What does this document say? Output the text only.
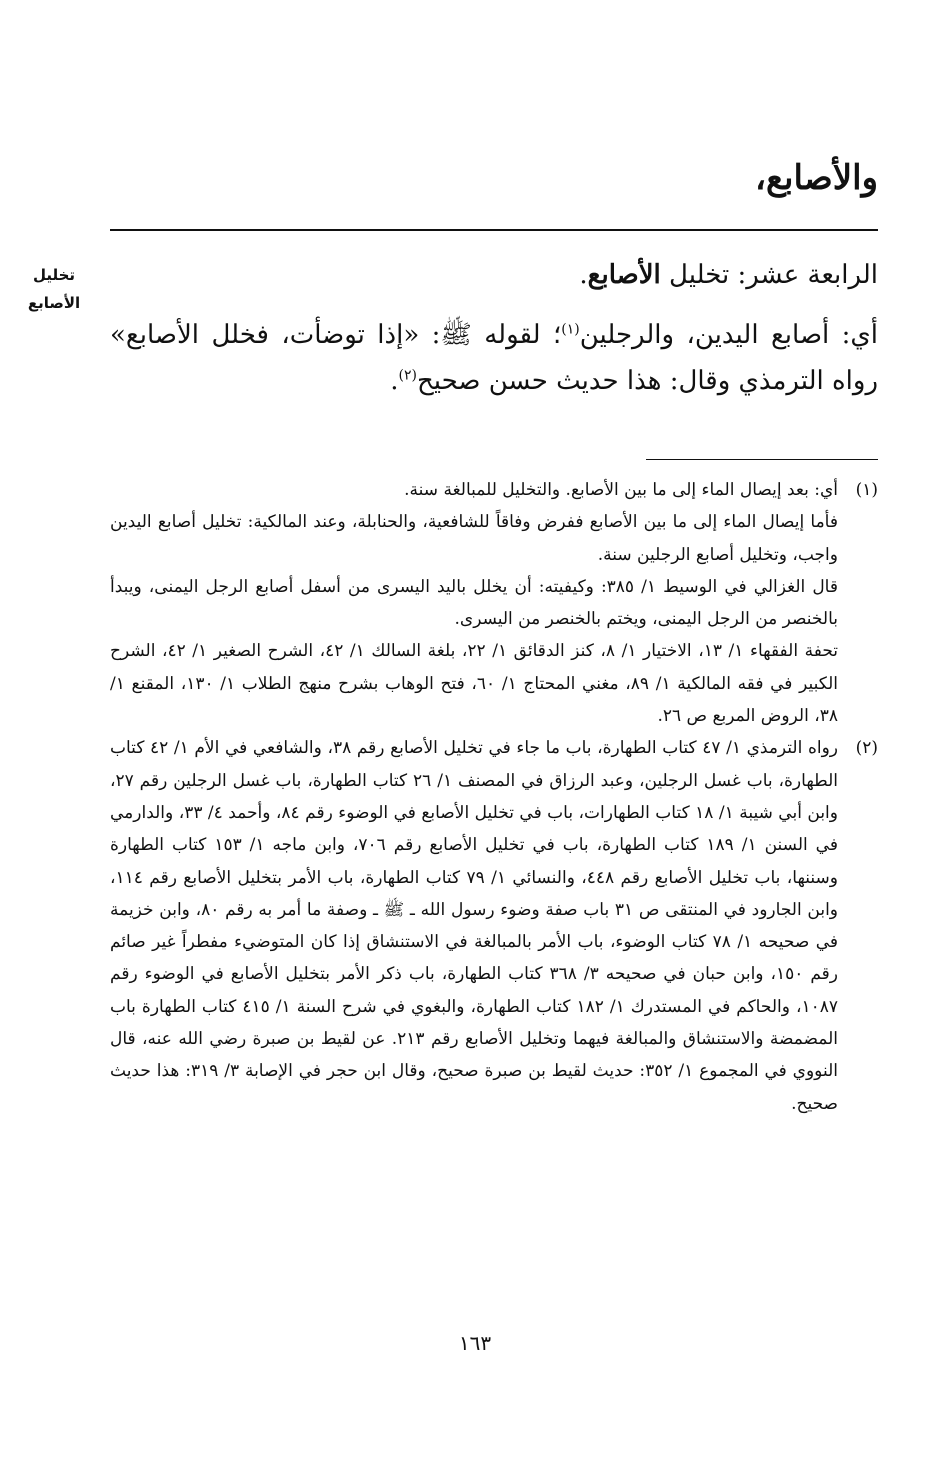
والأصابع،
تخليل
الأصابع

الرابعة عشر: تخليل الأصابع.

أي: أصابع اليدين، والرجلين$^{(١)}$؛ لقوله ﷺ: «إذا توضأت، فخلل الأصابع» رواه الترمذي وقال: هذا حديث حسن صحيح$^{(٢)}$.

(١)

أي: بعد إيصال الماء إلى ما بين الأصابع. والتخليل للمبالغة سنة.

فأما إيصال الماء إلى ما بين الأصابع ففرض وفاقاً للشافعية، والحنابلة، وعند المالكية: تخليل أصابع اليدين واجب، وتخليل أصابع الرجلين سنة.

قال الغزالي في الوسيط ١/ ٣٨٥: وكيفيته: أن يخلل باليد اليسرى من أسفل أصابع الرجل اليمنى، ويبدأ بالخنصر من الرجل اليمنى، ويختم بالخنصر من اليسرى.

تحفة الفقهاء ١/ ١٣، الاختيار ١/ ٨، كنز الدقائق ١/ ٢٢، بلغة السالك ١/ ٤٢، الشرح الصغير ١/ ٤٢، الشرح الكبير في فقه المالكية ١/ ٨٩، مغني المحتاج ١/ ٦٠، فتح الوهاب بشرح منهج الطلاب ١/ ١٣٠، المقنع ١/ ٣٨، الروض المربع ص ٢٦.

(٢)

رواه الترمذي ١/ ٤٧ كتاب الطهارة، باب ما جاء في تخليل الأصابع رقم ٣٨، والشافعي في الأم ١/ ٤٢ كتاب الطهارة، باب غسل الرجلين، وعبد الرزاق في المصنف ١/ ٢٦ كتاب الطهارة، باب غسل الرجلين رقم ٢٧، وابن أبي شيبة ١/ ١٨ كتاب الطهارات، باب في تخليل الأصابع في الوضوء رقم ٨٤، وأحمد ٤/ ٣٣، والدارمي في السنن ١/ ١٨٩ كتاب الطهارة، باب في تخليل الأصابع رقم ٧٠٦، وابن ماجه ١/ ١٥٣ كتاب الطهارة وسننها، باب تخليل الأصابع رقم ٤٤٨، والنسائي ١/ ٧٩ كتاب الطهارة، باب الأمر بتخليل الأصابع رقم ١١٤، وابن الجارود في المنتقى ص ٣١ باب صفة وضوء رسول الله ـ ﷺ ـ وصفة ما أمر به رقم ٨٠، وابن خزيمة في صحيحه ١/ ٧٨ كتاب الوضوء، باب الأمر بالمبالغة في الاستنشاق إذا كان المتوضيء مفطراً غير صائم رقم ١٥٠، وابن حبان في صحيحه ٣/ ٣٦٨ كتاب الطهارة، باب ذكر الأمر بتخليل الأصابع في الوضوء رقم ١٠٨٧، والحاكم في المستدرك ١/ ١٨٢ كتاب الطهارة، والبغوي في شرح السنة ١/ ٤١٥ كتاب الطهارة باب المضمضة والاستنشاق والمبالغة فيهما وتخليل الأصابع رقم ٢١٣. عن لقيط بن صبرة رضي الله عنه، قال النووي في المجموع ١/ ٣٥٢: حديث لقيط بن صبرة صحيح، وقال ابن حجر في الإصابة ٣/ ٣١٩: هذا حديث صحيح.

١٦٣
